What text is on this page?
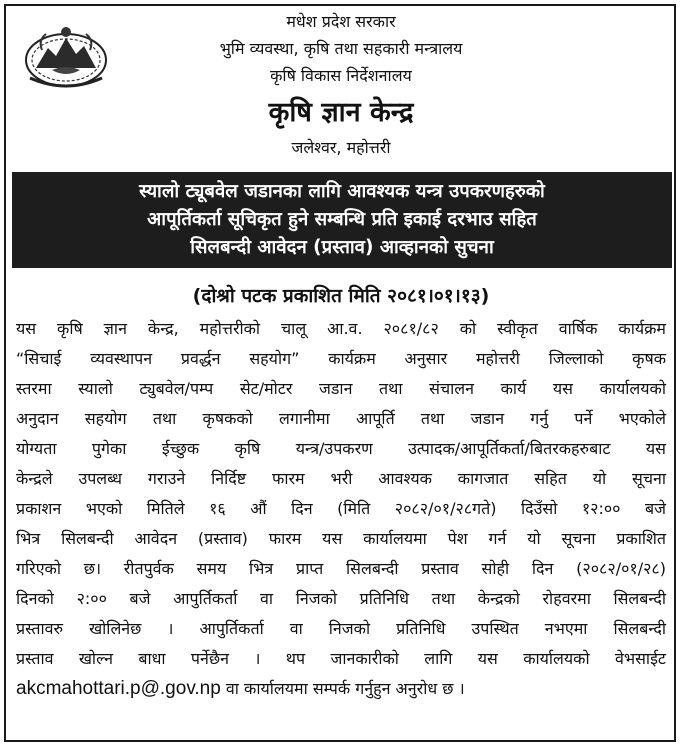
मधेश प्रदेश सरकार
भुमि व्यवस्था, कृषि तथा सहकारी मन्त्रालय
कृषि विकास निर्देशनालय
कृषि ज्ञान केन्द्र
जलेश्वर, महोत्तरी
स्यालो ट्यूबवेल जडानका लागि आवश्यक यन्त्र उपकरणहरुको
आपूर्तिकर्ता सूचिकृत हुने सम्बन्धि प्रति इकाई दरभाउ सहित
सिलबन्दी आवेदन (प्रस्ताव) आव्हानको सुचना
(दोश्रो पटक प्रकाशित मिति २०८१।०१।१३)
यस कृषि ज्ञान केन्द्र, महोत्तरीको चालू आ.व. २०८१/८२ को स्वीकृत वार्षिक कार्यक्रम
“सिचाई व्यवस्थापन प्रवर्द्धन सहयोग” कार्यक्रम अनुसार महोत्तरी जिल्लाको कृषक
स्तरमा स्यालो ट्युबवेल/पम्प सेट/मोटर जडान तथा संचालन कार्य यस कार्यालयको
अनुदान सहयोग तथा कृषकको लगानीमा आपूर्ति तथा जडान गर्नु पर्ने भएकोले
योग्यता पुगेका ईच्छुक कृषि यन्त्र/उपकरण उत्पादक/आपूर्तिकर्ता/बितरकहरुबाट यस
केन्द्रले उपलब्ध गराउने निर्दिष्ट फारम भरी आवश्यक कागजात सहित यो सूचना
प्रकाशन भएको मितिले १६ औं दिन (मिति २०८२/०१/२८गते) दिउँसो १२:०० बजे
भित्र सिलबन्दी आवेदन (प्रस्ताव) फारम यस कार्यालयमा पेश गर्न यो सूचना प्रकाशित
गरिएको छ। रीतपुर्वक समय भित्र प्राप्त सिलबन्दी प्रस्ताव सोही दिन (२०८२/०१/२८)
दिनको २:०० बजे आपुर्तिकर्ता वा निजको प्रतिनिधि तथा केन्द्रको रोहवरमा सिलबन्दी
प्रस्तावरु खोलिनेछ । आपुर्तिकर्ता वा निजको प्रतिनिधि उपस्थित नभएमा सिलबन्दी
प्रस्ताव खोल्न बाधा पर्नेछैन । थप जानकारीको लागि यस कार्यालयको वेभसाईट
akcmahottari.p@.gov.np वा कार्यालयमा सम्पर्क गर्नुहुन अनुरोध छ ।
